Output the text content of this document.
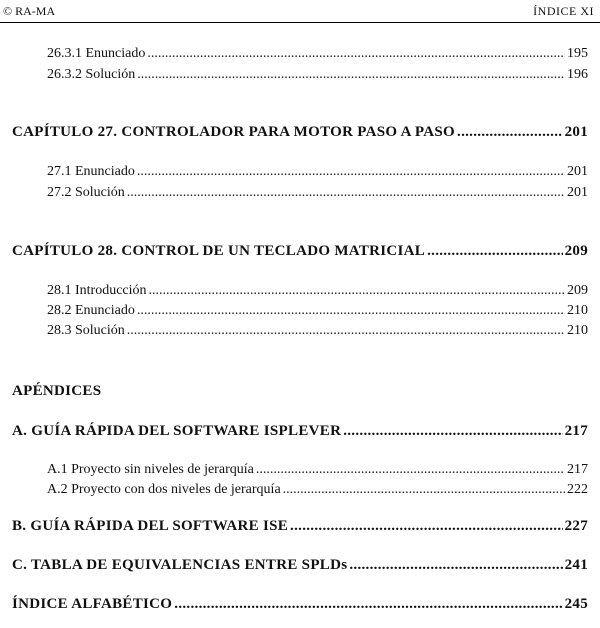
© RA-MA	ÍNDICE XI
26.3.1 Enunciado .....	195
26.3.2 Solución .....	196
CAPÍTULO 27. CONTROLADOR PARA MOTOR PASO A PASO .....	201
27.1 Enunciado .....	201
27.2 Solución .....	201
CAPÍTULO 28. CONTROL DE UN TECLADO MATRICIAL .....	209
28.1 Introducción .....	209
28.2 Enunciado .....	210
28.3 Solución .....	210
APÉNDICES
A. GUÍA RÁPIDA DEL SOFTWARE ISPLEVER .....	217
A.1 Proyecto sin niveles de jerarquía .....	217
A.2 Proyecto con dos niveles de jerarquía .....	222
B. GUÍA RÁPIDA DEL SOFTWARE ISE .....	227
C. TABLA DE EQUIVALENCIAS ENTRE SPLDs .....	241
ÍNDICE ALFABÉTICO .....	245
